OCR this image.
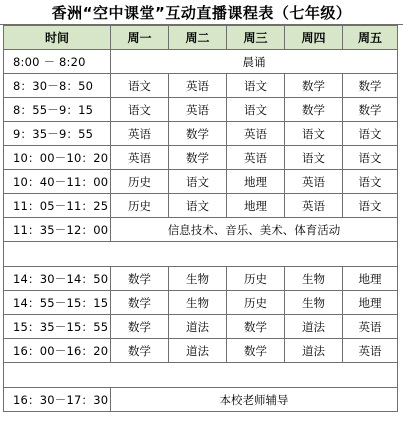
香洲“空中课堂”互动直播课程表（七年级）
时间	周一	周二	周三	周四	周五
8:00 － 8:20	晨诵				
8：30－8：50	语文	英语	语文	数学	数学
8：55－9：15	语文	英语	语文	数学	数学
9：35－9：55	英语	数学	英语	语文	语文
10：00－10：20	英语	数学	英语	语文	语文
10：40－11：00	历史	语文	地理	英语	语文
11：05－11：25	历史	语文	地理	英语	语文
11：35－12：00	信息技术、音乐、美术、体育活动				

14：30－14：50	数学	生物	历史	生物	地理
14：55－15：15	数学	生物	历史	生物	地理
15：35－15：55	数学	道法	数学	道法	英语
16：00－16：20	数学	道法	数学	道法	英语

16：30－17：30	本校老师辅导				
